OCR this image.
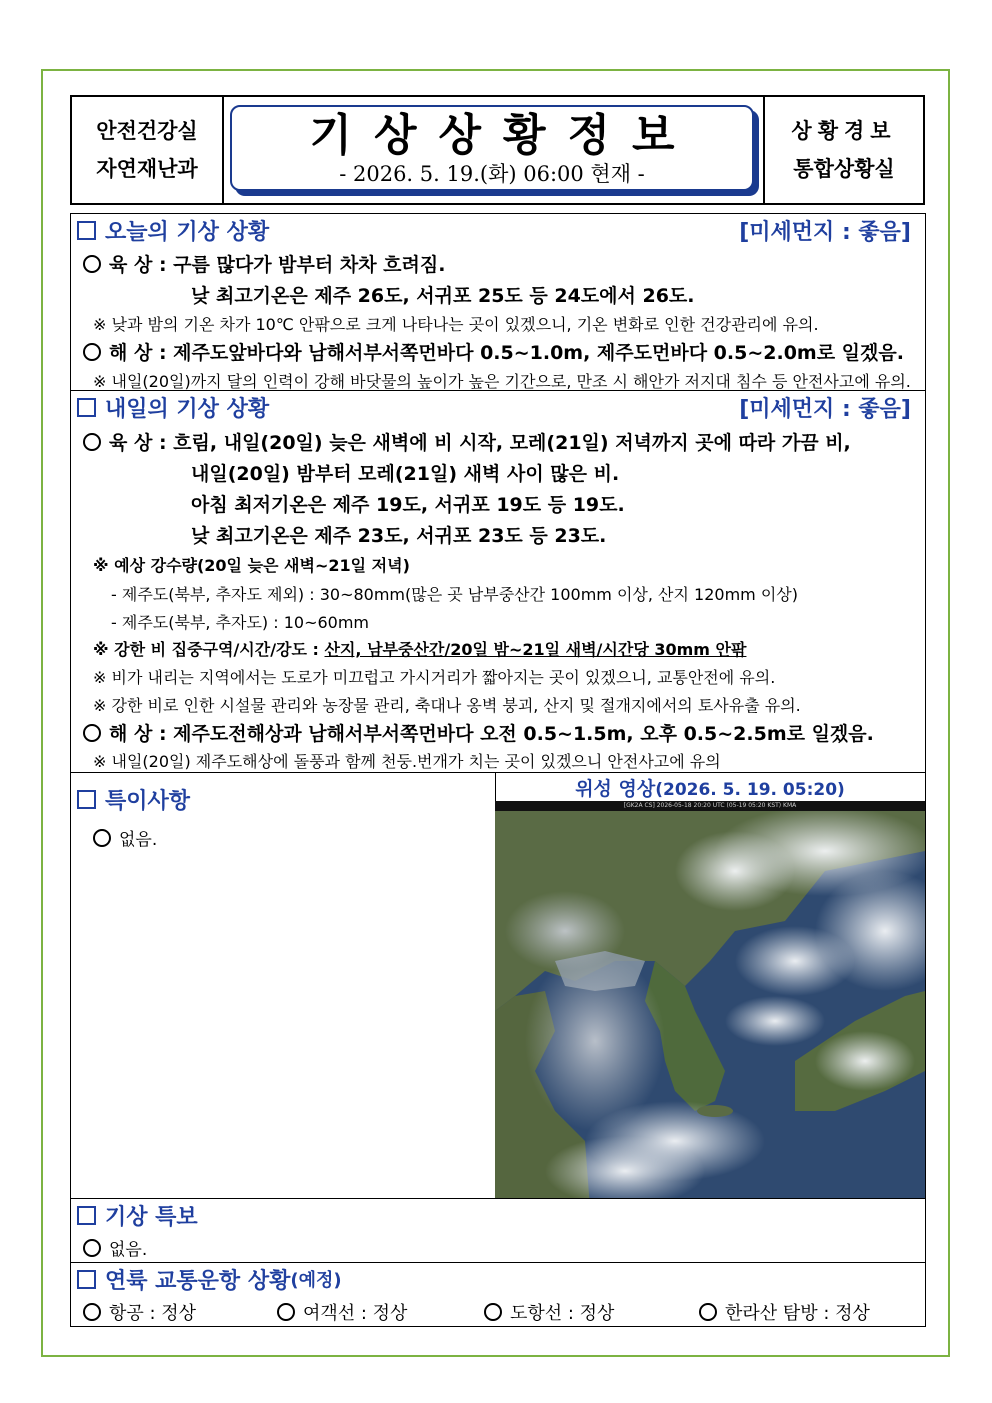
안전건강실
자연재난과
기상상황정보
- 2026. 5. 19.(화) 06:00 현재 -
상황경보
통합상황실
오늘의 기상 상황	[미세먼지 : 좋음]
육 상 : 구름 많다가 밤부터 차차 흐려짐.
낮 최고기온은 제주 26도, 서귀포 25도 등 24도에서 26도.
※ 낮과 밤의 기온 차가 10℃ 안팎으로 크게 나타나는 곳이 있겠으니, 기온 변화로 인한 건강관리에 유의.
해 상 : 제주도앞바다와 남해서부서쪽먼바다 0.5~1.0m, 제주도먼바다 0.5~2.0m로 일겠음.
※ 내일(20일)까지 달의 인력이 강해 바닷물의 높이가 높은 기간으로, 만조 시 해안가 저지대 침수 등 안전사고에 유의.
내일의 기상 상황	[미세먼지 : 좋음]
육 상 : 흐림, 내일(20일) 늦은 새벽에 비 시작, 모레(21일) 저녁까지 곳에 따라 가끔 비,
내일(20일) 밤부터 모레(21일) 새벽 사이 많은 비.
아침 최저기온은 제주 19도, 서귀포 19도 등 19도.
낮 최고기온은 제주 23도, 서귀포 23도 등 23도.
※ 예상 강수량(20일 늦은 새벽~21일 저녁)
- 제주도(북부, 추자도 제외) : 30~80mm(많은 곳 남부중산간 100mm 이상, 산지 120mm 이상)
- 제주도(북부, 추자도) : 10~60mm
※ 강한 비 집중구역/시간/강도 : 산지, 남부중산간/20일 밤~21일 새벽/시간당 30mm 안팎
※ 비가 내리는 지역에서는 도로가 미끄럽고 가시거리가 짧아지는 곳이 있겠으니, 교통안전에 유의.
※ 강한 비로 인한 시설물 관리와 농장물 관리, 축대나 옹벽 붕괴, 산지 및 절개지에서의 토사유출 유의.
해 상 : 제주도전해상과 남해서부서쪽먼바다 오전 0.5~1.5m, 오후 0.5~2.5m로 일겠음.
※ 내일(20일) 제주도해상에 돌풍과 함께 천둥.번개가 치는 곳이 있겠으니 안전사고에 유의
특이사항
없음.
위성 영상(2026. 5. 19. 05:20)
[GK2A CS] 2026-05-18 20:20 UTC (05-19 05:20 KST) KMA
기상 특보
없음.
연륙 교통운항 상황 (예정)
항공 : 정상	여객선 : 정상	도항선 : 정상	한라산 탐방 : 정상
